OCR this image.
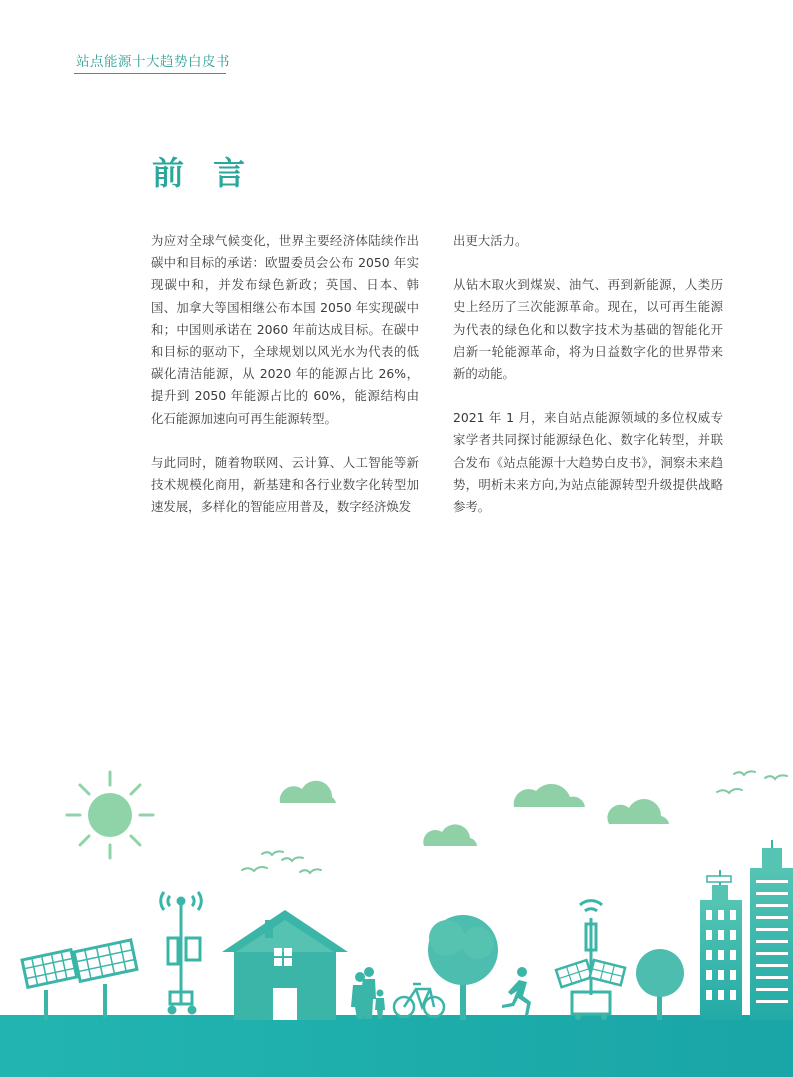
站点能源十大趋势白皮书
前 言

为应对全球气候变化，世界主要经济体陆续作出碳中和目标的承诺：欧盟委员会公布 2050 年实现碳中和，并发布绿色新政；英国、日本、韩国、加拿大等国相继公布本国 2050 年实现碳中和；中国则承诺在 2060 年前达成目标。在碳中和目标的驱动下，全球规划以风光水为代表的低碳化清洁能源，从 2020 年的能源占比 26%，提升到 2050 年能源占比的 60%，能源结构由化石能源加速向可再生能源转型。

与此同时，随着物联网、云计算、人工智能等新技术规模化商用，新基建和各行业数字化转型加速发展，多样化的智能应用普及，数字经济焕发

出更大活力。

从钻木取火到煤炭、油气、再到新能源，人类历史上经历了三次能源革命。现在，以可再生能源为代表的绿色化和以数字技术为基础的智能化开启新一轮能源革命，将为日益数字化的世界带来新的动能。

2021 年 1 月，来自站点能源领域的多位权威专家学者共同探讨能源绿色化、数字化转型，并联合发布《站点能源十大趋势白皮书》，洞察未来趋势，明析未来方向,为站点能源转型升级提供战略参考。
